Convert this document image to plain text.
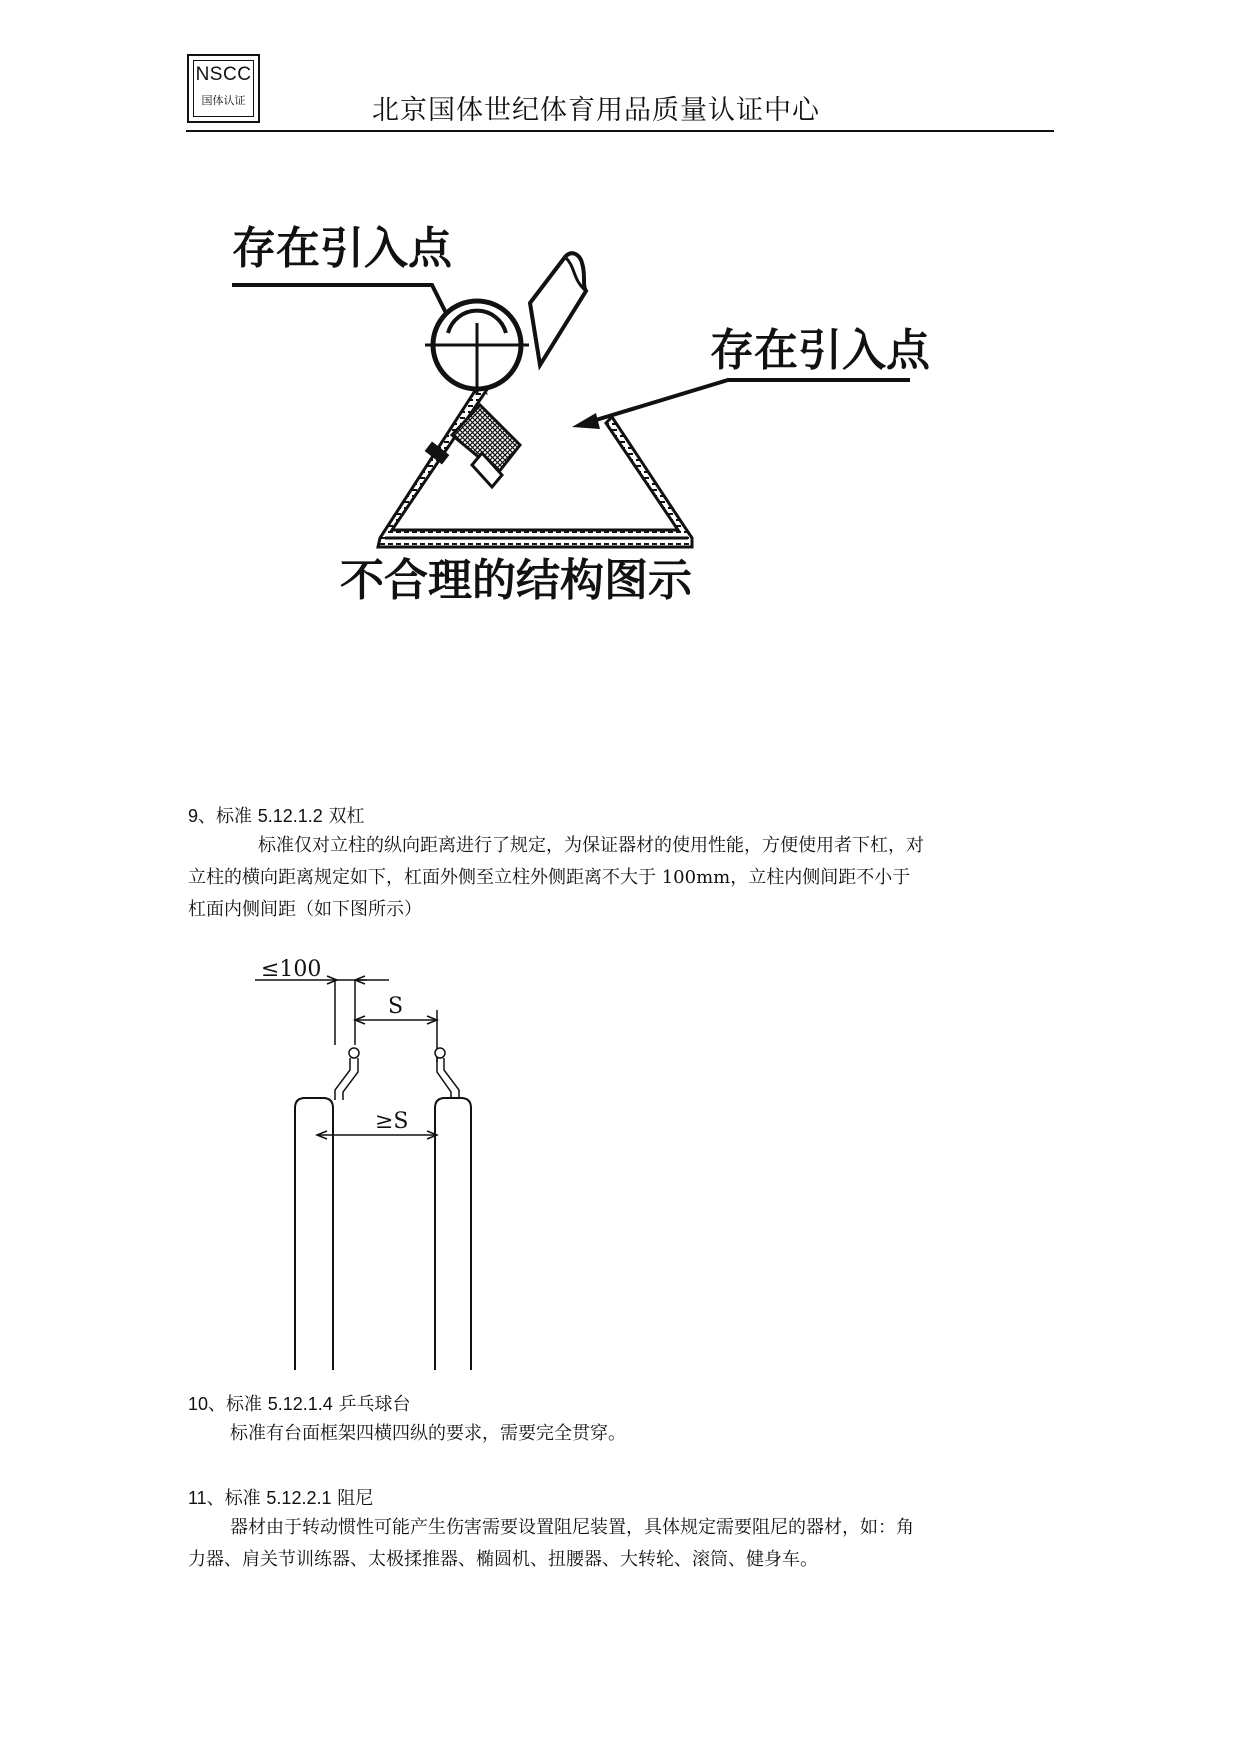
NSCC
国体认证	北京国体世纪体育用品质量认证中心
存在引入点
存在引入点
不合理的结构图示
9、标准 5.12.1.2 双杠
标准仅对立柱的纵向距离进行了规定，为保证器材的使用性能，方便使用者下杠，对
立柱的横向距离规定如下，杠面外侧至立柱外侧距离不大于 100mm，立柱内侧间距不小于
杠面内侧间距（如下图所示）
≤100
S
≥S
10、标准 5.12.1.4 乒乓球台
标准有台面框架四横四纵的要求，需要完全贯穿。
11、标准 5.12.2.1 阻尼
器材由于转动惯性可能产生伤害需要设置阻尼装置，具体规定需要阻尼的器材，如：角
力器、肩关节训练器、太极揉推器、椭圆机、扭腰器、大转轮、滚筒、健身车。
